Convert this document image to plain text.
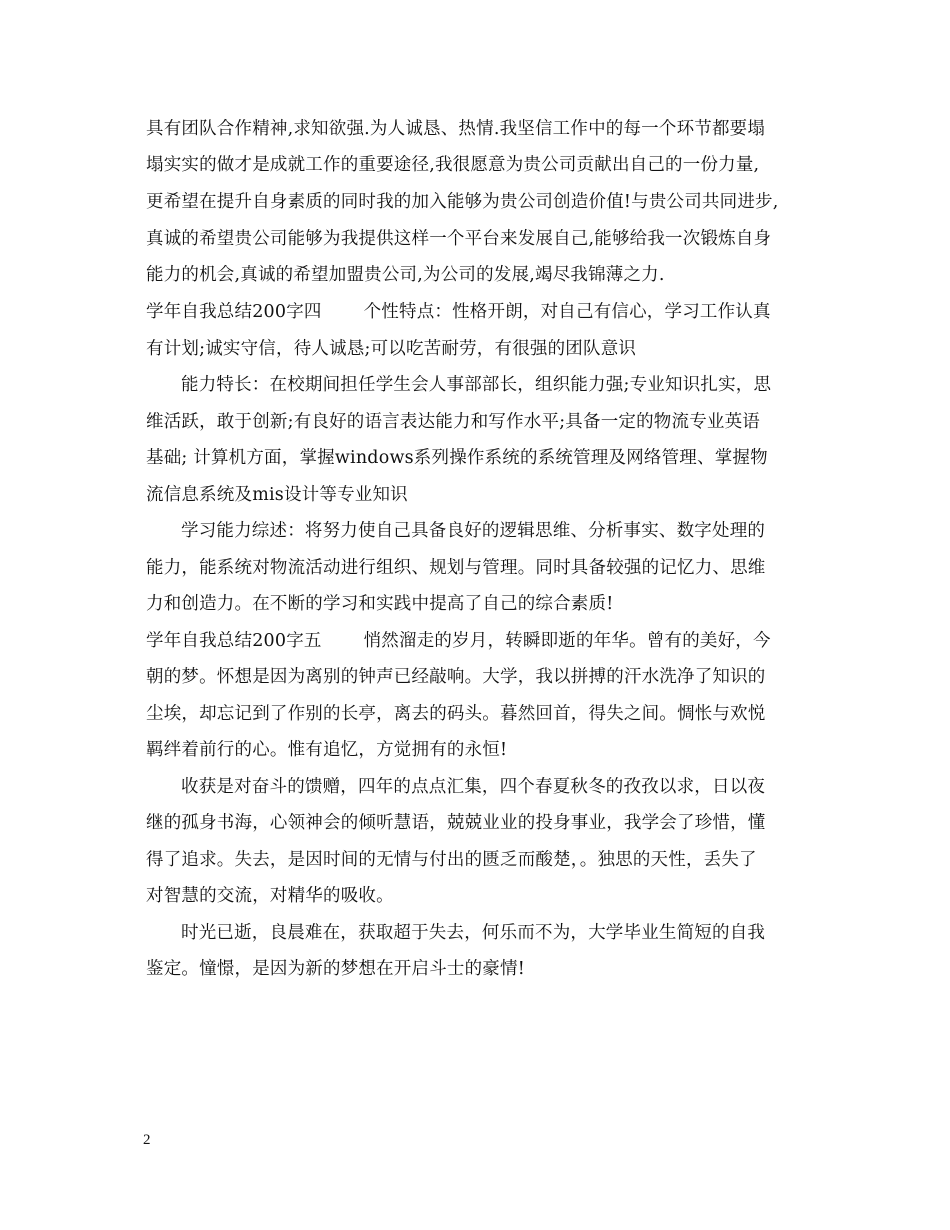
具有团队合作精神,求知欲强.为人诚恳、热情.我坚信工作中的每一个环节都要塌
塌实实的做才是成就工作的重要途径,我很愿意为贵公司贡献出自己的一份力量,
更希望在提升自身素质的同时我的加入能够为贵公司创造价值!与贵公司共同进步,
真诚的希望贵公司能够为我提供这样一个平台来发展自己,能够给我一次锻炼自身
能力的机会,真诚的希望加盟贵公司,为公司的发展,竭尽我锦薄之力.
学年自我总结200字四 个性特点：性格开朗，对自己有信心，学习工作认真
有计划;诚实守信，待人诚恳;可以吃苦耐劳，有很强的团队意识
能力特长：在校期间担任学生会人事部部长，组织能力强;专业知识扎实，思
维活跃，敢于创新;有良好的语言表达能力和写作水平;具备一定的物流专业英语
基础; 计算机方面，掌握windows系列操作系统的系统管理及网络管理、掌握物
流信息系统及mis设计等专业知识
学习能力综述：将努力使自己具备良好的逻辑思维、分析事实、数字处理的
能力，能系统对物流活动进行组织、规划与管理。同时具备较强的记忆力、思维
力和创造力。在不断的学习和实践中提高了自己的综合素质!
学年自我总结200字五 悄然溜走的岁月，转瞬即逝的年华。曾有的美好，今
朝的梦。怀想是因为离别的钟声已经敲响。大学，我以拼搏的汗水洗净了知识的
尘埃，却忘记到了作别的长亭，离去的码头。暮然回首，得失之间。惆怅与欢悦
羁绊着前行的心。惟有追忆，方觉拥有的永恒!
收获是对奋斗的馈赠，四年的点点汇集，四个春夏秋冬的孜孜以求，日以夜
继的孤身书海，心领神会的倾听慧语，兢兢业业的投身事业，我学会了珍惜，懂
得了追求。失去，是因时间的无情与付出的匮乏而酸楚，。独思的天性，丢失了
对智慧的交流，对精华的吸收。
时光已逝，良晨难在，获取超于失去，何乐而不为，大学毕业生简短的自我
鉴定。憧憬，是因为新的梦想在开启斗士的豪情!
2
